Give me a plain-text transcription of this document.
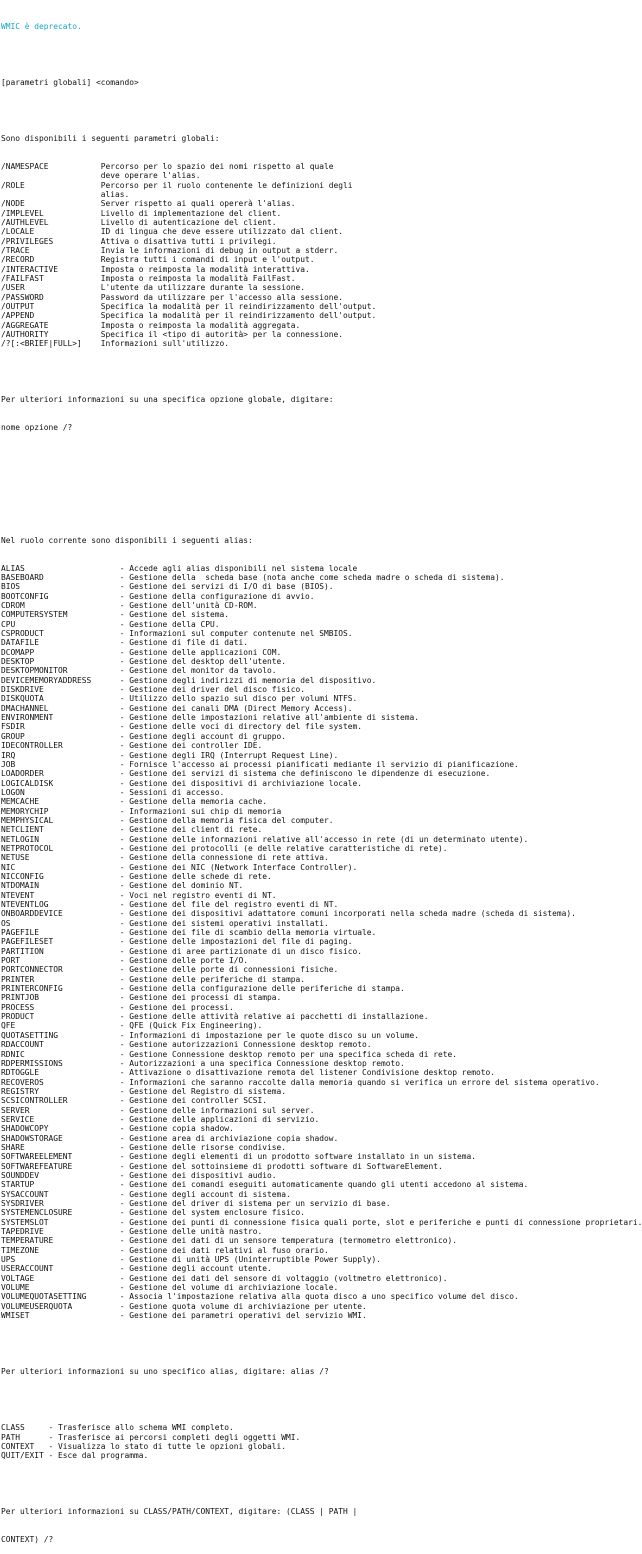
WMIC è deprecato.

[parametri globali] <comando>

Sono disponibili i seguenti parametri globali:

/NAMESPACE           Percorso per lo spazio dei nomi rispetto al quale
deve operare l'alias.
/ROLE                Percorso per il ruolo contenente le definizioni degli
alias.
/NODE                Server rispetto ai quali opererà l'alias.
/IMPLEVEL            Livello di implementazione del client.
/AUTHLEVEL           Livello di autenticazione del client.
/LOCALE              ID di lingua che deve essere utilizzato dal client.
/PRIVILEGES          Attiva o disattiva tutti i privilegi.
/TRACE               Invia le informazioni di debug in output a stderr.
/RECORD              Registra tutti i comandi di input e l'output.
/INTERACTIVE         Imposta o reimposta la modalità interattiva.
/FAILFAST            Imposta o reimposta la modalità FailFast.
/USER                L'utente da utilizzare durante la sessione.
/PASSWORD            Password da utilizzare per l'accesso alla sessione.
/OUTPUT              Specifica la modalità per il reindirizzamento dell'output.
/APPEND              Specifica la modalità per il reindirizzamento dell'output.
/AGGREGATE           Imposta o reimposta la modalità aggregata.
/AUTHORITY           Specifica il <tipo di autorità> per la connessione.
/?[:<BRIEF|FULL>]    Informazioni sull'utilizzo.

Per ulteriori informazioni su una specifica opzione globale, digitare:

nome opzione /?

Nel ruolo corrente sono disponibili i seguenti alias:

ALIAS                    - Accede agli alias disponibili nel sistema locale
BASEBOARD                - Gestione della  scheda base (nota anche come scheda madre o scheda di sistema).
BIOS                     - Gestione dei servizi di I/O di base (BIOS).
BOOTCONFIG               - Gestione della configurazione di avvio.
CDROM                    - Gestione dell'unità CD-ROM.
COMPUTERSYSTEM           - Gestione del sistema.
CPU                      - Gestione della CPU.
CSPRODUCT                - Informazioni sul computer contenute nel SMBIOS.
DATAFILE                 - Gestione di file di dati.
DCOMAPP                  - Gestione delle applicazioni COM.
DESKTOP                  - Gestione del desktop dell'utente.
DESKTOPMONITOR           - Gestione del monitor da tavolo.
DEVICEMEMORYADDRESS      - Gestione degli indirizzi di memoria del dispositivo.
DISKDRIVE                - Gestione dei driver del disco fisico.
DISKQUOTA                - Utilizzo dello spazio sul disco per volumi NTFS.
DMACHANNEL               - Gestione dei canali DMA (Direct Memory Access).
ENVIRONMENT              - Gestione delle impostazioni relative all'ambiente di sistema.
FSDIR                    - Gestione delle voci di directory del file system.
GROUP                    - Gestione degli account di gruppo.
IDECONTROLLER            - Gestione dei controller IDE.
IRQ                      - Gestione degli IRQ (Interrupt Request Line).
JOB                      - Fornisce l'accesso ai processi pianificati mediante il servizio di pianificazione.
LOADORDER                - Gestione dei servizi di sistema che definiscono le dipendenze di esecuzione.
LOGICALDISK              - Gestione dei dispositivi di archiviazione locale.
LOGON                    - Sessioni di accesso.
MEMCACHE                 - Gestione della memoria cache.
MEMORYCHIP               - Informazioni sui chip di memoria
MEMPHYSICAL              - Gestione della memoria fisica del computer.
NETCLIENT                - Gestione dei client di rete.
NETLOGIN                 - Gestione delle informazioni relative all'accesso in rete (di un determinato utente).
NETPROTOCOL              - Gestione dei protocolli (e delle relative caratteristiche di rete).
NETUSE                   - Gestione della connessione di rete attiva.
NIC                      - Gestione dei NIC (Network Interface Controller).
NICCONFIG                - Gestione delle schede di rete.
NTDOMAIN                 - Gestione del dominio NT.
NTEVENT                  - Voci nel registro eventi di NT.
NTEVENTLOG               - Gestione del file del registro eventi di NT.
ONBOARDDEVICE            - Gestione dei dispositivi adattatore comuni incorporati nella scheda madre (scheda di sistema).
OS                       - Gestione dei sistemi operativi installati.
PAGEFILE                 - Gestione dei file di scambio della memoria virtuale.
PAGEFILESET              - Gestione delle impostazioni del file di paging.
PARTITION                - Gestione di aree partizionate di un disco fisico.
PORT                     - Gestione delle porte I/O.
PORTCONNECTOR            - Gestione delle porte di connessioni fisiche.
PRINTER                  - Gestione delle periferiche di stampa.
PRINTERCONFIG            - Gestione della configurazione delle periferiche di stampa.
PRINTJOB                 - Gestione dei processi di stampa.
PROCESS                  - Gestione dei processi.
PRODUCT                  - Gestione delle attività relative ai pacchetti di installazione.
QFE                      - QFE (Quick Fix Engineering).
QUOTASETTING             - Informazioni di impostazione per le quote disco su un volume.
RDACCOUNT                - Gestione autorizzazioni Connessione desktop remoto.
RDNIC                    - Gestione Connessione desktop remoto per una specifica scheda di rete.
RDPERMISSIONS            - Autorizzazioni a una specifica Connessione desktop remoto.
RDTOGGLE                 - Attivazione o disattivazione remota del listener Condivisione desktop remoto.
RECOVEROS                - Informazioni che saranno raccolte dalla memoria quando si verifica un errore del sistema operativo.
REGISTRY                 - Gestione del Registro di sistema.
SCSICONTROLLER           - Gestione dei controller SCSI.
SERVER                   - Gestione delle informazioni sul server.
SERVICE                  - Gestione delle applicazioni di servizio.
SHADOWCOPY               - Gestione copia shadow.
SHADOWSTORAGE            - Gestione area di archiviazione copia shadow.
SHARE                    - Gestione delle risorse condivise.
SOFTWAREELEMENT          - Gestione degli elementi di un prodotto software installato in un sistema.
SOFTWAREFEATURE          - Gestione del sottoinsieme di prodotti software di SoftwareElement.
SOUNDDEV                 - Gestione dei dispositivi audio.
STARTUP                  - Gestione dei comandi eseguiti automaticamente quando gli utenti accedono al sistema.
SYSACCOUNT               - Gestione degli account di sistema.
SYSDRIVER                - Gestione del driver di sistema per un servizio di base.
SYSTEMENCLOSURE          - Gestione del system enclosure fisico.
SYSTEMSLOT               - Gestione dei punti di connessione fisica quali porte, slot e periferiche e punti di connessione proprietari.
TAPEDRIVE                - Gestione delle unità nastro.
TEMPERATURE              - Gestione dei dati di un sensore temperatura (termometro elettronico).
TIMEZONE                 - Gestione dei dati relativi al fuso orario.
UPS                      - Gestione di unità UPS (Uninterruptible Power Supply).
USERACCOUNT              - Gestione degli account utente.
VOLTAGE                  - Gestione dei dati del sensore di voltaggio (voltmetro elettronico).
VOLUME                   - Gestione del volume di archiviazione locale.
VOLUMEQUOTASETTING       - Associa l'impostazione relativa alla quota disco a uno specifico volume del disco.
VOLUMEUSERQUOTA          - Gestione quota volume di archiviazione per utente.
WMISET                   - Gestione dei parametri operativi del servizio WMI.

Per ulteriori informazioni su uno specifico alias, digitare: alias /?

CLASS     - Trasferisce allo schema WMI completo.
PATH      - Trasferisce ai percorsi completi degli oggetti WMI.
CONTEXT   - Visualizza lo stato di tutte le opzioni globali.
QUIT/EXIT - Esce dal programma.

Per ulteriori informazioni su CLASS/PATH/CONTEXT, digitare: (CLASS | PATH |

CONTEXT) /?
